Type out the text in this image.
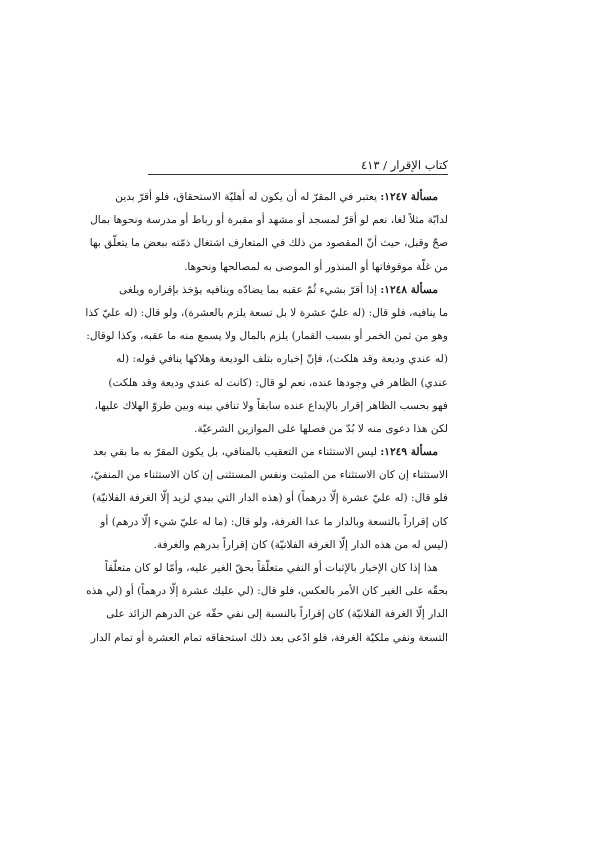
كتاب الإقرار / ٤١٣
مسألة ١٢٤٧: يعتبر في المقرّ له أن يكون له أهليّة الاستحقاق، فلو أقرّ بدين
لدابّة مثلاً لغا، نعم لو أقرّ لمسجد أو مشهد أو مقبرة أو رباط أو مدرسة ونحوها بمال
صحّ وقبل، حيث أنّ المقصود من ذلك في المتعارف اشتغال ذمّته ببعض ما يتعلّق بها
من غلّة موقوفاتها أو المنذور أو الموصى به لمصالحها ونحوها.
مسألة ١٢٤٨: إذا أقرّ بشيء ثُمّ عقبه بما يضادّه وينافيه يؤخذ بإقراره ويلغى
ما ينافيه، فلو قال: (له عليّ عشرة لا بل تسعة يلزم بالعشرة)، ولو قال: (له عليّ كذا
وهو من ثمن الخمر أو بسبب القمار) يلزم بالمال ولا يسمع منه ما عقبه، وكذا لوقال:
(له عندي وديعة وقد هلكت)، فإنّ إخباره بتلف الوديعة وهلاكها ينافي قوله: (له
عندي) الظاهر في وجودها عنده، نعم لو قال: (كانت له عندي وديعة وقد هلكت)
فهو بحسب الظاهر إقرار بالإيداع عنده سابقاً ولا تنافي بينه وبين طروّ الهلاك عليها،
لكن هذا دعوى منه لا بُدّ من فصلها على الموازين الشرعيّة.
مسألة ١٢٤٩: ليس الاستثناء من التعقيب بالمنافي، بل يكون المقرّ به ما بقي بعد
الاستثناء إن كان الاستثناء من المثبت ونفس المستثنى إن كان الاستثناء من المنفيّ،
فلو قال: (له عليّ عشرة إلّا درهماً) أو (هذه الدار التي بيدي لزيد إلّا الغرفة الفلانيّة)
كان إقراراً بالتسعة وبالدار ما عدا الغرفة، ولو قال: (ما له عليّ شيء إلّا درهم) أو
(ليس له من هذه الدار إلّا الغرفة الفلانيّة) كان إقراراً بدرهم والغرفة.
هذا إذا كان الإخبار بالإثبات أو النفي متعلّقاً بحقّ الغير عليه، وأمّا لو كان متعلّقاً
بحقّه على الغير كان الأمر بالعكس، فلو قال: (لي عليك عشرة إلّا درهماً) أو (لي هذه
الدار إلّا الغرفة الفلانيّة) كان إقراراً بالنسبة إلى نفي حقّه عن الدرهم الزائد على
التسعة ونفي ملكيّة الغرفة، فلو ادّعى بعد ذلك استحقاقه تمام العشرة أو تمام الدار
